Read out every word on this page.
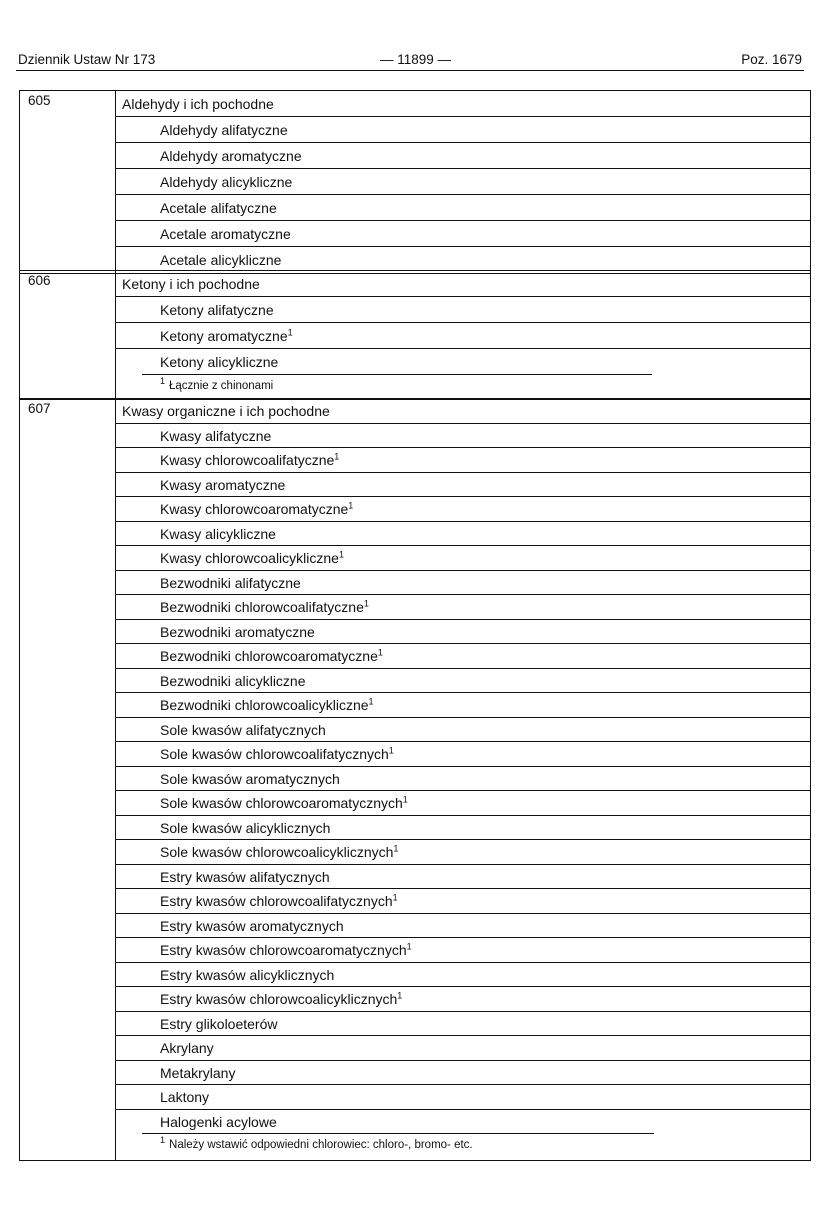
Dziennik Ustaw Nr 173	— 11899 —	Poz. 1679
605	Aldehydy i ich pochodne
Aldehydy alifatyczne
Aldehydy aromatyczne
Aldehydy alicykliczne
Acetale alifatyczne
Acetale aromatyczne
Acetale alicykliczne
606	Ketony i ich pochodne
Ketony alifatyczne
Ketony aromatyczne$^1$
Ketony alicykliczne
$^1$ Łącznie z chinonami
607	Kwasy organiczne i ich pochodne
Kwasy alifatyczne
Kwasy chlorowcoalifatyczne$^1$
Kwasy aromatyczne
Kwasy chlorowcoaromatyczne$^1$
Kwasy alicykliczne
Kwasy chlorowcoalicykliczne$^1$
Bezwodniki alifatyczne
Bezwodniki chlorowcoalifatyczne$^1$
Bezwodniki aromatyczne
Bezwodniki chlorowcoaromatyczne$^1$
Bezwodniki alicykliczne
Bezwodniki chlorowcoalicykliczne$^1$
Sole kwasów alifatycznych
Sole kwasów chlorowcoalifatycznych$^1$
Sole kwasów aromatycznych
Sole kwasów chlorowcoaromatycznych$^1$
Sole kwasów alicyklicznych
Sole kwasów chlorowcoalicyklicznych$^1$
Estry kwasów alifatycznych
Estry kwasów chlorowcoalifatycznych$^1$
Estry kwasów aromatycznych
Estry kwasów chlorowcoaromatycznych$^1$
Estry kwasów alicyklicznych
Estry kwasów chlorowcoalicyklicznych$^1$
Estry glikoloeterów
Akrylany
Metakrylany
Laktony
Halogenki acylowe
$^1$ Należy wstawić odpowiedni chlorowiec: chloro-, bromo- etc.
